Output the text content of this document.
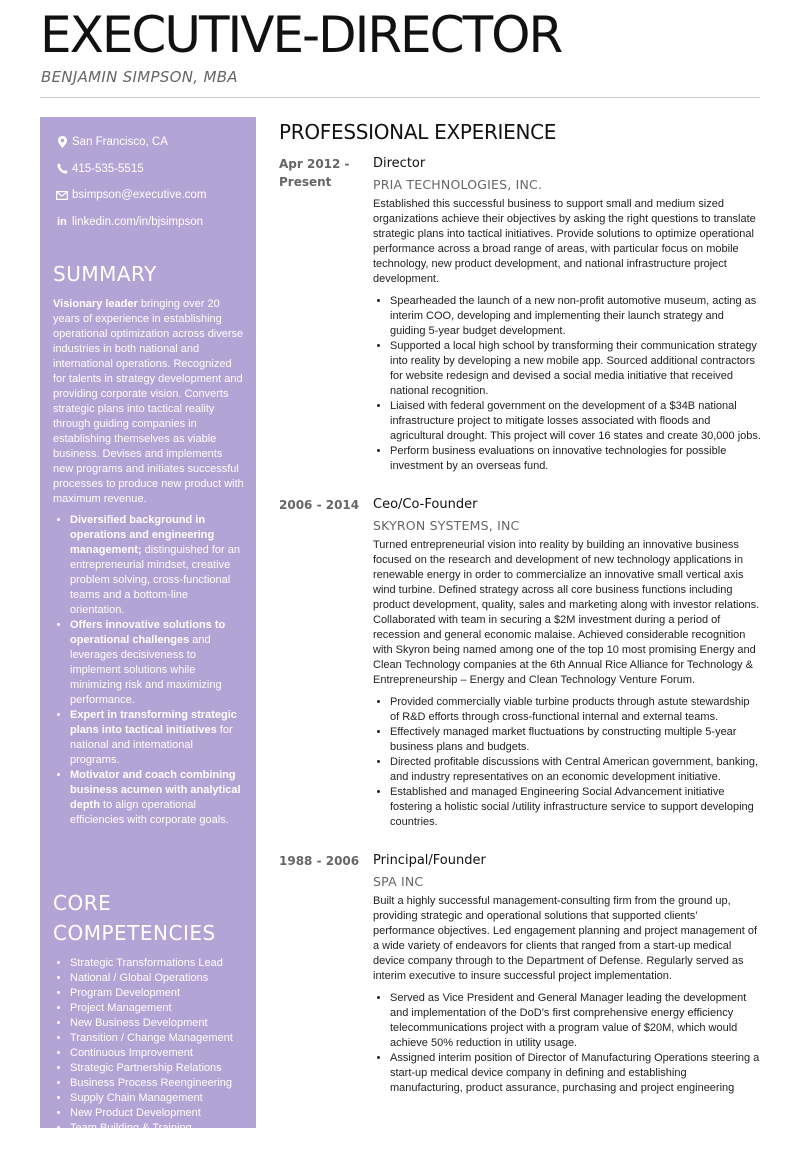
EXECUTIVE-DIRECTOR
BENJAMIN SIMPSON, MBA
San Francisco, CA
415-535-5515
bsimpson@executive.com
in linkedin.com/in/bjsimpson
SUMMARY

Visionary leader bringing over 20 years of experience in establishing operational optimization across diverse industries in both national and international operations. Recognized for talents in strategy development and providing corporate vision. Converts strategic plans into tactical reality through guiding companies in establishing themselves as viable business. Devises and implements new programs and initiates successful processes to produce new product with maximum revenue.

• Diversified background in operations and engineering management; distinguished for an entrepreneurial mindset, creative problem solving, cross-functional teams and a bottom-line orientation.
• Offers innovative solutions to operational challenges and leverages decisiveness to implement solutions while minimizing risk and maximizing performance.
• Expert in transforming strategic plans into tactical initiatives for national and international programs.
• Motivator and coach combining business acumen with analytical depth to align operational efficiencies with corporate goals.
CORE COMPETENCIES
• Strategic Transformations Lead
• National / Global Operations
• Program Development
• Project Management
• New Business Development
• Transition / Change Management
• Continuous Improvement
• Strategic Partnership Relations
• Business Process Reengineering
• Supply Chain Management
• New Product Development
• Team Building & Training
• Core Process Development
PROFESSIONAL EXPERIENCE
Apr 2012 - Present
Director
PRIA TECHNOLOGIES, INC.

Established this successful business to support small and medium sized organizations achieve their objectives by asking the right questions to translate strategic plans into tactical initiatives. Provide solutions to optimize operational performance across a broad range of areas, with particular focus on mobile technology, new product development, and national infrastructure project development.

• Spearheaded the launch of a new non-profit automotive museum, acting as interim COO, developing and implementing their launch strategy and guiding 5-year budget development.
• Supported a local high school by transforming their communication strategy into reality by developing a new mobile app. Sourced additional contractors for website redesign and devised a social media initiative that received national recognition.
• Liaised with federal government on the development of a $34B national infrastructure project to mitigate losses associated with floods and agricultural drought. This project will cover 16 states and create 30,000 jobs.
• Perform business evaluations on innovative technologies for possible investment by an overseas fund.
2006 - 2014	Ceo/Co-Founder
SKYRON SYSTEMS, INC

Turned entrepreneurial vision into reality by building an innovative business focused on the research and development of new technology applications in renewable energy in order to commercialize an innovative small vertical axis wind turbine. Defined strategy across all core business functions including product development, quality, sales and marketing along with investor relations. Collaborated with team in securing a $2M investment during a period of recession and general economic malaise. Achieved considerable recognition with Skyron being named among one of the top 10 most promising Energy and Clean Technology companies at the 6th Annual Rice Alliance for Technology & Entrepreneurship – Energy and Clean Technology Venture Forum.

• Provided commercially viable turbine products through astute stewardship of R&D efforts through cross-functional internal and external teams.
• Effectively managed market fluctuations by constructing multiple 5-year business plans and budgets.
• Directed profitable discussions with Central American government, banking, and industry representatives on an economic development initiative.
• Established and managed Engineering Social Advancement initiative fostering a holistic social /utility infrastructure service to support developing countries.
1988 - 2006	Principal/Founder
SPA INC

Built a highly successful management-consulting firm from the ground up, providing strategic and operational solutions that supported clients’ performance objectives. Led engagement planning and project management of a wide variety of endeavors for clients that ranged from a start-up medical device company through to the Department of Defense. Regularly served as interim executive to insure successful project implementation.

• Served as Vice President and General Manager leading the development and implementation of the DoD’s first comprehensive energy efficiency telecommunications project with a program value of $20M, which would achieve 50% reduction in utility usage.
• Assigned interim position of Director of Manufacturing Operations steering a start-up medical device company in defining and establishing manufacturing, product assurance, purchasing and project engineering
